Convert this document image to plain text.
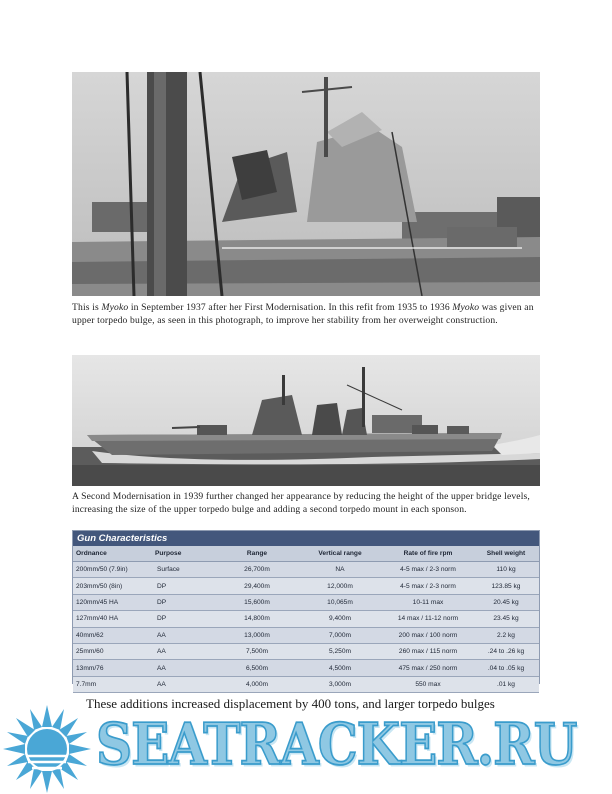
This is Myoko in September 1937 after her First Modernisation. In this refit from 1935 to 1936 Myoko was given an upper torpedo bulge, as seen in this photograph, to improve her stability from her overweight construction.
A Second Modernisation in 1939 further changed her appearance by reducing the height of the upper bridge levels, increasing the size of the upper torpedo bulge and adding a second torpedo mount in each sponson.
Gun Characteristics
Ordnance	Purpose	Range	Vertical range	Rate of fire rpm	Shell weight
200mm/50 (7.9in)	Surface	26,700m	NA	4-5 max / 2-3 norm	110 kg
203mm/50 (8in)	DP	29,400m	12,000m	4-5 max / 2-3 norm	123.85 kg
120mm/45 HA	DP	15,600m	10,065m	10-11 max	20.45 kg
127mm/40 HA	DP	14,800m	9,400m	14 max / 11-12 norm	23.45 kg
40mm/62	AA	13,000m	7,000m	200 max / 100 norm	2.2 kg
25mm/60	AA	7,500m	5,250m	260 max / 115 norm	.24 to .26 kg
13mm/76	AA	6,500m	4,500m	475 max / 250 norm	.04 to .05 kg
7.7mm	AA	4,000m	3,000m	550 max	.01 kg
These additions increased displacement by 400 tons, and larger torpedo bulges
SEATRACKER.RU
